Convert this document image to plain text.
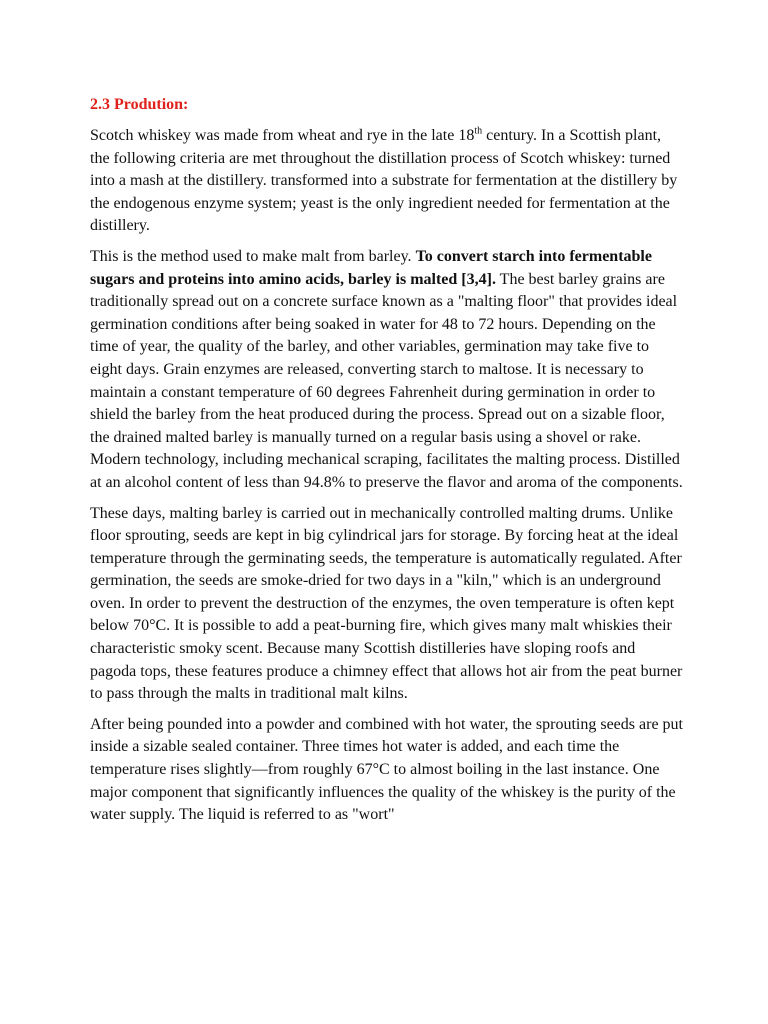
2.3 Prodution:

Scotch whiskey was made from wheat and rye in the late 18th century. In a Scottish plant, the following criteria are met throughout the distillation process of Scotch whiskey: turned into a mash at the distillery. transformed into a substrate for fermentation at the distillery by the endogenous enzyme system; yeast is the only ingredient needed for fermentation at the distillery.

This is the method used to make malt from barley. To convert starch into fermentable sugars and proteins into amino acids, barley is malted [3,4]. The best barley grains are traditionally spread out on a concrete surface known as a "malting floor" that provides ideal germination conditions after being soaked in water for 48 to 72 hours. Depending on the time of year, the quality of the barley, and other variables, germination may take five to eight days. Grain enzymes are released, converting starch to maltose. It is necessary to maintain a constant temperature of 60 degrees Fahrenheit during germination in order to shield the barley from the heat produced during the process. Spread out on a sizable floor, the drained malted barley is manually turned on a regular basis using a shovel or rake. Modern technology, including mechanical scraping, facilitates the malting process. Distilled at an alcohol content of less than 94.8% to preserve the flavor and aroma of the components.

These days, malting barley is carried out in mechanically controlled malting drums. Unlike floor sprouting, seeds are kept in big cylindrical jars for storage. By forcing heat at the ideal temperature through the germinating seeds, the temperature is automatically regulated. After germination, the seeds are smoke-dried for two days in a "kiln," which is an underground oven. In order to prevent the destruction of the enzymes, the oven temperature is often kept below 70°C. It is possible to add a peat-burning fire, which gives many malt whiskies their characteristic smoky scent. Because many Scottish distilleries have sloping roofs and pagoda tops, these features produce a chimney effect that allows hot air from the peat burner to pass through the malts in traditional malt kilns.

After being pounded into a powder and combined with hot water, the sprouting seeds are put inside a sizable sealed container. Three times hot water is added, and each time the temperature rises slightly—from roughly 67°C to almost boiling in the last instance. One major component that significantly influences the quality of the whiskey is the purity of the water supply. The liquid is referred to as "wort"
